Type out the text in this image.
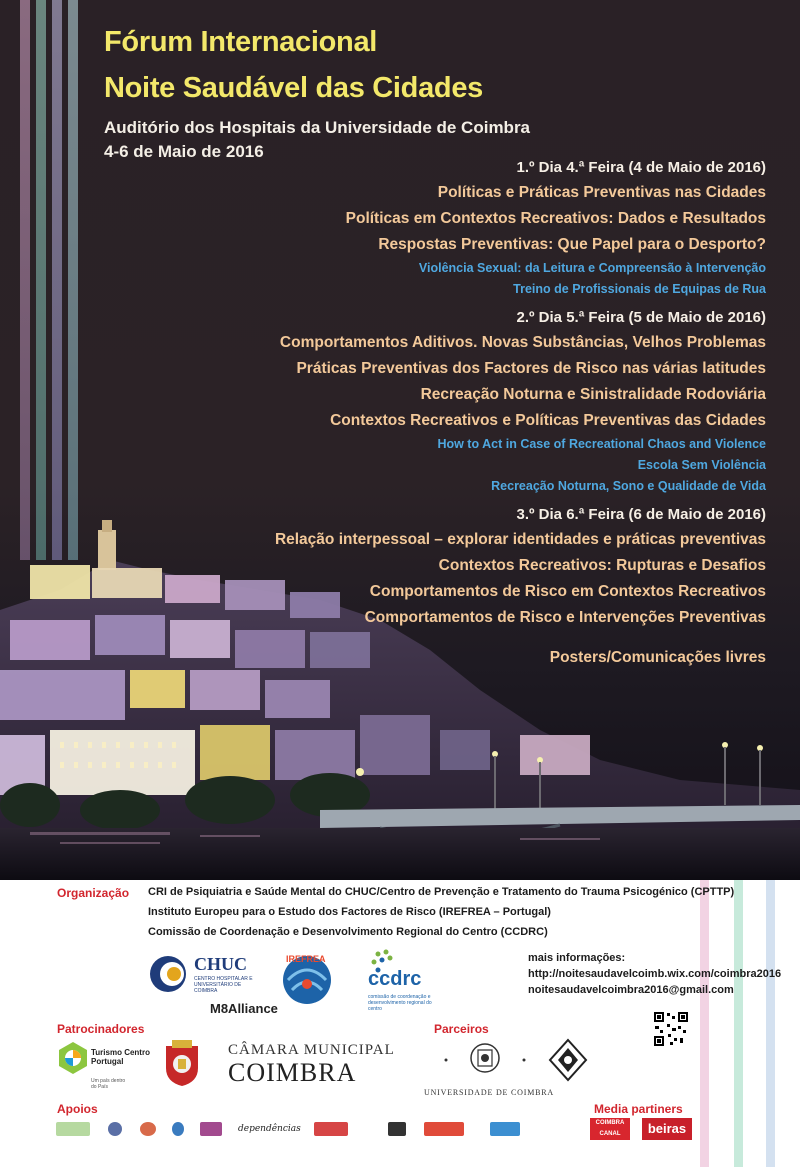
Fórum Internacional
Noite Saudável das Cidades
Auditório dos Hospitais da Universidade de Coimbra
4-6 de Maio de 2016
1.º Dia 4.ª Feira (4 de Maio de 2016)
Políticas e Práticas Preventivas nas Cidades
Políticas em Contextos Recreativos: Dados e Resultados
Respostas Preventivas: Que Papel para o Desporto?
Violência Sexual: da Leitura e Compreensão à Intervenção
Treino de Profissionais de Equipas de Rua
2.º Dia 5.ª Feira (5 de Maio de 2016)
Comportamentos Aditivos. Novas Substâncias, Velhos Problemas
Práticas Preventivas dos Factores de Risco nas várias latitudes
Recreação Noturna e Sinistralidade Rodoviária
Contextos Recreativos e Políticas Preventivas das Cidades
How to Act in Case of Recreational Chaos and Violence
Escola Sem Violência
Recreação Noturna, Sono e Qualidade de Vida
3.º Dia 6.ª Feira (6 de Maio de 2016)
Relação interpessoal – explorar identidades e práticas preventivas
Contextos Recreativos: Rupturas e Desafios
Comportamentos de Risco em Contextos Recreativos
Comportamentos de Risco e Intervenções Preventivas
Posters/Comunicações livres
Organização CRI de Psiquiatria e Saúde Mental do CHUC/Centro de Prevenção e Tratamento do Trauma Psicogénico (CPTTP)
Instituto Europeu para o Estudo dos Factores de Risco (IREFREA – Portugal)
Comissão de Coordenação e Desenvolvimento Regional do Centro (CCDRC)
CHUC
CENTRO HOSPITALAR E UNIVERSITÁRIO DE COIMBRA
M8Alliance
IREFREA
ccdrc
comissão de coordenação e desenvolvimento regional do centro
mais informações:
http://noitesaudavelcoimb.wix.com/coimbra2016
noitesaudavelcoimbra2016@gmail.com
Patrocinadores	Parceiros
Apoios	Media partiners
Turismo Centro Portugal
Um país dentro do País
CÂMARA MUNICIPAL
COIMBRA
UNIVERSIDADE DE COIMBRA
dependências
COIMBRA CANAL	beiras
